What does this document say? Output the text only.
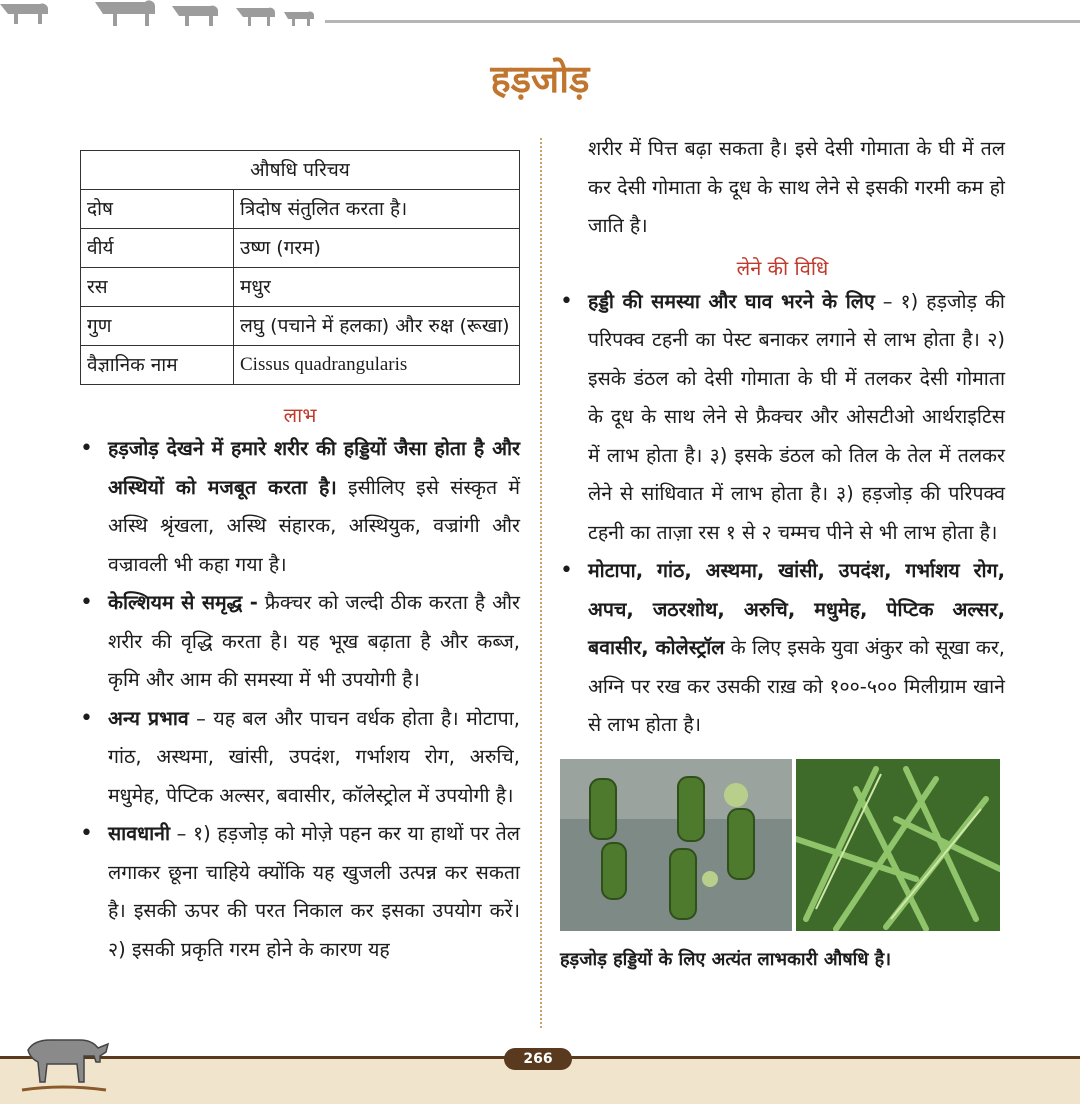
हड़जोड़
औषधि परिचय	
दोष	त्रिदोष संतुलित करता है।
वीर्य	उष्ण (गरम)
रस	मधुर
गुण	लघु (पचाने में हलका) और रुक्ष (रूखा)
वैज्ञानिक नाम	Cissus quadrangularis
लाभ
• हड़जोड़ देखने में हमारे शरीर की हड्डियों जैसा होता है और अस्थियों को मजबूत करता है। इसीलिए इसे संस्कृत में अस्थि श्रृंखला, अस्थि संहारक, अस्थियुक, वज्रांगी और वज्रावली भी कहा गया है।
• केल्शियम से समृद्ध - फ्रैक्चर को जल्दी ठीक करता है और शरीर की वृद्धि करता है। यह भूख बढ़ाता है और कब्ज, कृमि और आम की समस्या में भी उपयोगी है।
• अन्य प्रभाव – यह बल और पाचन वर्धक होता है। मोटापा, गांठ, अस्थमा, खांसी, उपदंश, गर्भाशय रोग, अरुचि, मधुमेह, पेप्टिक अल्सर, बवासीर, कॉलेस्ट्रोल में उपयोगी है।
• सावधानी – १) हड़जोड़ को मोज़े पहन कर या हाथों पर तेल लगाकर छूना चाहिये क्योंकि यह खुजली उत्पन्न कर सकता है। इसकी ऊपर की परत निकाल कर इसका उपयोग करें। २) इसकी प्रकृति गरम होने के कारण यह

शरीर में पित्त बढ़ा सकता है। इसे देसी गोमाता के घी में तल कर देसी गोमाता के दूध के साथ लेने से इसकी गरमी कम हो जाति है।

लेने की विधि
• हड्डी की समस्या और घाव भरने के लिए – १) हड़जोड़ की परिपक्व टहनी का पेस्ट बनाकर लगाने से लाभ होता है। २) इसके डंठल को देसी गोमाता के घी में तलकर देसी गोमाता के दूध के साथ लेने से फ्रैक्चर और ओसटीओ आर्थराइटिस में लाभ होता है। ३) इसके डंठल को तिल के तेल में तलकर लेने से सांधिवात में लाभ होता है। ३) हड़जोड़ की परिपक्व टहनी का ताज़ा रस १ से २ चम्मच पीने से भी लाभ होता है।
• मोटापा, गांठ, अस्थमा, खांसी, उपदंश, गर्भाशय रोग, अपच, जठरशोथ, अरुचि, मधुमेह, पेप्टिक अल्सर, बवासीर, कोलेस्ट्रॉल के लिए इसके युवा अंकुर को सूखा कर, अग्नि पर रख कर उसकी राख़ को १००-५०० मिलीग्राम खाने से लाभ होता है।
हड़जोड़ हड्डियों के लिए अत्यंत लाभकारी औषधि है।
266
